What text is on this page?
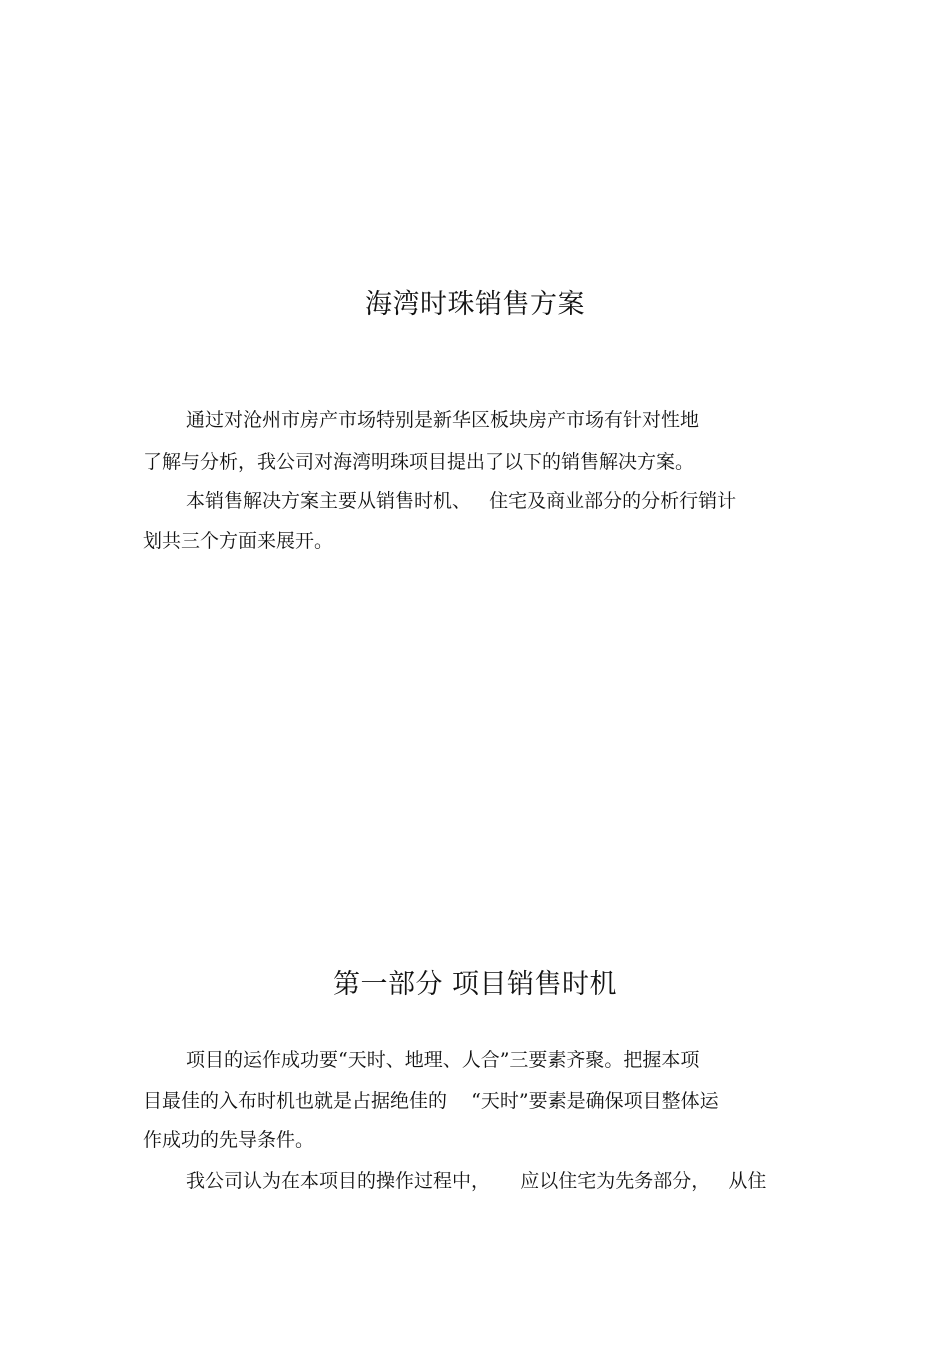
海湾时珠销售方案
通过对沧州市房产市场特别是新华区板块房产市场有针对性地
了解与分析，我公司对海湾明珠项目提出了以下的销售解决方案。
本销售解决方案主要从销售时机、   住宅及商业部分的分析行销计
划共三个方面来展开。
第一部分 项目销售时机
项目的运作成功要“天时、地理、人合”三要素齐聚。把握本项
目最佳的入布时机也就是占据绝佳的    “天时”要素是确保项目整体运
作成功的先导条件。
我公司认为在本项目的操作过程中，     应以住宅为先务部分，   从住
